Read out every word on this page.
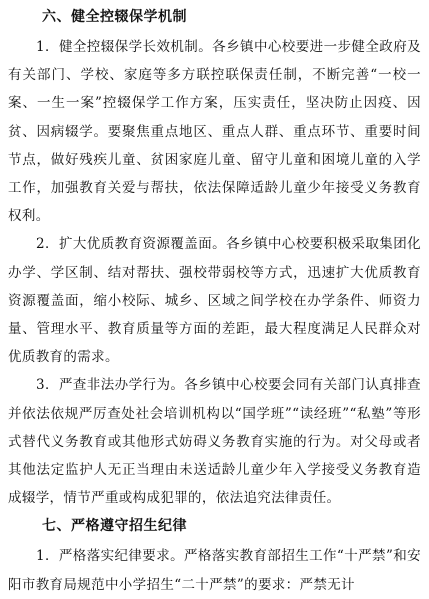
六、健全控辍保学机制

1．健全控辍保学长效机制。各乡镇中心校要进一步健全政府及有关部门、学校、家庭等多方联控联保责任制，不断完善“一校一案、一生一案”控辍保学工作方案，压实责任，坚决防止因疫、因贫、因病辍学。要聚焦重点地区、重点人群、重点环节、重要时间节点，做好残疾儿童、贫困家庭儿童、留守儿童和困境儿童的入学工作，加强教育关爱与帮扶，依法保障适龄儿童少年接受义务教育权利。

2．扩大优质教育资源覆盖面。各乡镇中心校要积极采取集团化办学、学区制、结对帮扶、强校带弱校等方式，迅速扩大优质教育资源覆盖面，缩小校际、城乡、区域之间学校在办学条件、师资力量、管理水平、教育质量等方面的差距，最大程度满足人民群众对优质教育的需求。

3．严查非法办学行为。各乡镇中心校要会同有关部门认真排查并依法依规严厉查处社会培训机构以“国学班”“读经班”“私塾”等形式替代义务教育或其他形式妨碍义务教育实施的行为。对父母或者其他法定监护人无正当理由未送适龄儿童少年入学接受义务教育造成辍学，情节严重或构成犯罪的，依法追究法律责任。

七、严格遵守招生纪律

1．严格落实纪律要求。严格落实教育部招生工作“十严禁”和安阳市教育局规范中小学招生“二十严禁”的要求：严禁无计
